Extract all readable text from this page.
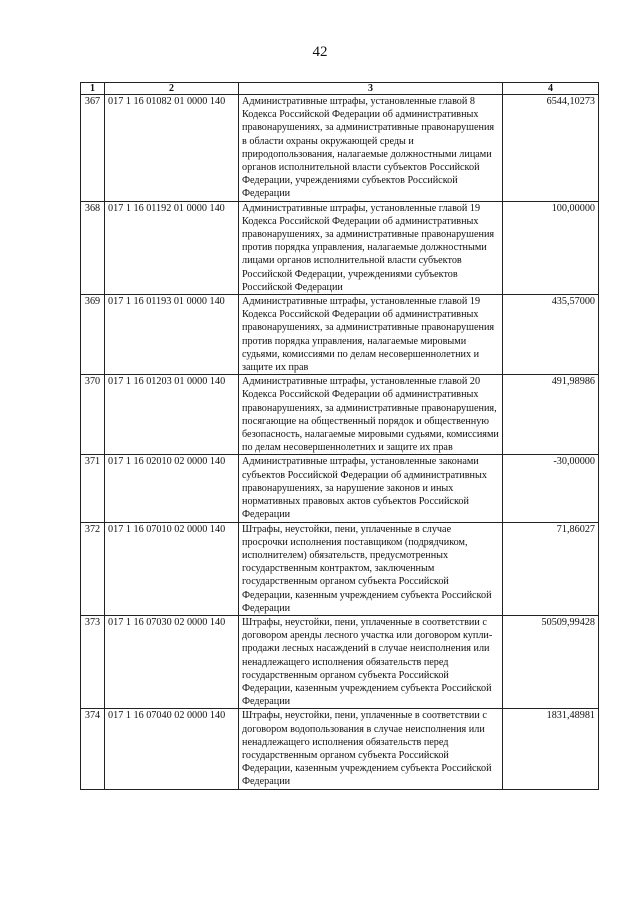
42
1	2	3	4
367	017 1 16 01082 01 0000 140	Административные штрафы, установленные главой 8 Кодекса Российской Федерации об административных правонарушениях, за административные правонарушения в области охраны окружающей среды и природопользования, налагаемые должностными лицами органов исполнительной власти субъектов Российской Федерации, учреждениями субъектов Российской Федерации	6544,10273
368	017 1 16 01192 01 0000 140	Административные штрафы, установленные главой 19 Кодекса Российской Федерации об административных правонарушениях, за административные правонарушения против порядка управления, налагаемые должностными лицами органов исполнительной власти субъектов Российской Федерации, учреждениями субъектов Российской Федерации	100,00000
369	017 1 16 01193 01 0000 140	Административные штрафы, установленные главой 19 Кодекса Российской Федерации об административных правонарушениях, за административные правонарушения против порядка управления, налагаемые мировыми судьями, комиссиями по делам несовершеннолетних и защите их прав	435,57000
370	017 1 16 01203 01 0000 140	Административные штрафы, установленные главой 20 Кодекса Российской Федерации об административных правонарушениях, за административные правонарушения, посягающие на общественный порядок и общественную безопасность, налагаемые мировыми судьями, комиссиями по делам несовершеннолетних и защите их прав	491,98986
371	017 1 16 02010 02 0000 140	Административные штрафы, установленные законами субъектов Российской Федерации об административных правонарушениях, за нарушение законов и иных нормативных правовых актов субъектов Российской Федерации	-30,00000
372	017 1 16 07010 02 0000 140	Штрафы, неустойки, пени, уплаченные в случае просрочки исполнения поставщиком (подрядчиком, исполнителем) обязательств, предусмотренных государственным контрактом, заключенным государственным органом субъекта Российской Федерации, казенным учреждением субъекта Российской Федерации	71,86027
373	017 1 16 07030 02 0000 140	Штрафы, неустойки, пени, уплаченные в соответствии с договором аренды лесного участка или договором купли-продажи лесных насаждений в случае неисполнения или ненадлежащего исполнения обязательств перед государственным органом субъекта Российской Федерации, казенным учреждением субъекта Российской Федерации	50509,99428
374	017 1 16 07040 02 0000 140	Штрафы, неустойки, пени, уплаченные в соответствии с договором водопользования в случае неисполнения или ненадлежащего исполнения обязательств перед государственным органом субъекта Российской Федерации, казенным учреждением субъекта Российской Федерации	1831,48981
